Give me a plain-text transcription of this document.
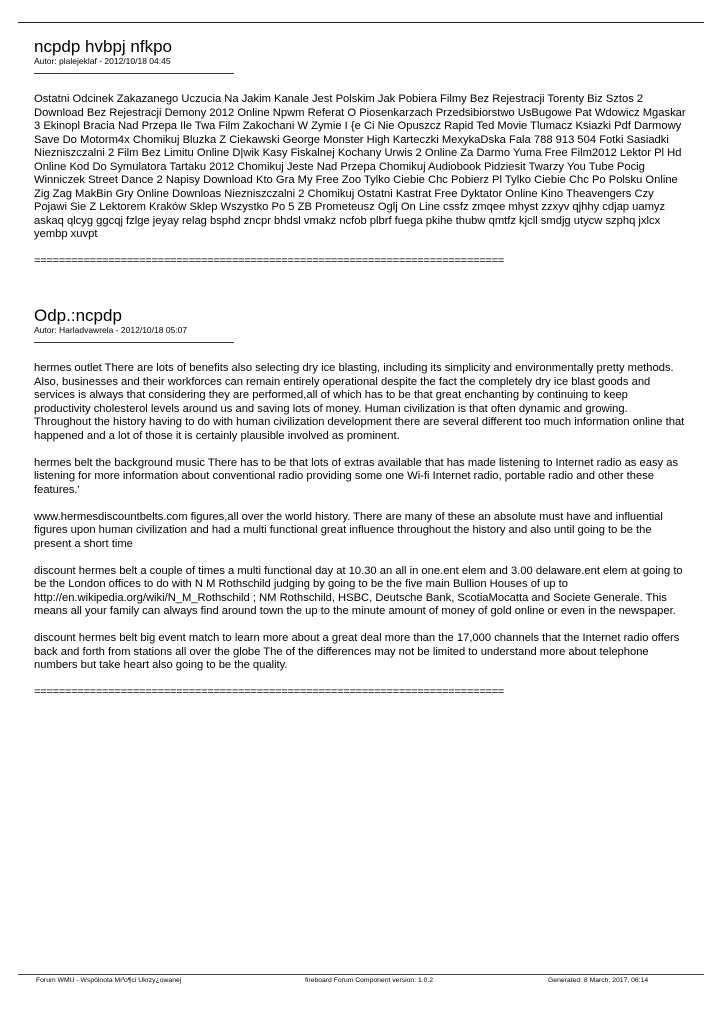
ncpdp hvbpj nfkpo
Autor: plalejeklaf - 2012/10/18 04:45

Ostatni Odcinek Zakazanego Uczucia Na Jakim Kanale Jest Polskim Jak Pobiera Filmy Bez Rejestracji Torenty Biz Sztos 2 Download Bez Rejestracji Demony 2012 Online Npwm Referat O Piosenkarzach Przedsibiorstwo UsBugowe Pat Wdowicz Mgaskar 3 Ekinopl Bracia Nad Przepa Ile Twa Film Zakochani W Zymie I {e Ci Nie Opuszcz Rapid Ted Movie Tlumacz Ksiazki Pdf Darmowy Save Do Motorm4x Chomikuj Bluzka Z Ciekawski George Monster High Karteczki MexykaDska Fala 788 913 504 Fotki Sasiadki Niezniszczalni 2 Film Bez Limitu Online D|wik Kasy Fiskalnej Kochany Urwis 2 Online Za Darmo Yuma Free Film2012 Lektor Pl Hd Online Kod Do Symulatora Tartaku 2012 Chomikuj Jeste Nad Przepa Chomikuj Audiobook Pidziesit Twarzy You Tube Pocig Winniczek Street Dance 2 Napisy Download Kto Gra My Free Zoo Tylko Ciebie Chc Pobierz Pl Tylko Ciebie Chc Po Polsku Online Zig Zag MakBin Gry Online Downloas Niezniszczalni 2 Chomikuj Ostatni Kastrat Free Dyktator Online Kino Theavengers Czy Pojawi Sie Z Lektorem Kraków Sklep Wszystko Po 5 ZB Prometeusz Oglj On Line cssfz zmqee mhyst zzxyv qjhhy cdjap uamyz askaq qlcyg ggcqj fzlge jeyay relag bsphd zncpr bhdsl vmakz ncfob plbrf fuega pkihe thubw qmtfz kjcll smdjg utycw szphq jxlcx yembp xuvpt

============================================================================
Odp.:ncpdp
Autor: Harladvawrela - 2012/10/18 05:07

hermes outlet There are lots of benefits also selecting dry ice blasting, including its simplicity and environmentally pretty methods. Also, businesses and their workforces can remain entirely operational despite the fact the completely dry ice blast goods and services is always that considering they are performed,all of which has to be that great enchanting by continuing to keep productivity cholesterol levels around us and saving lots of money. Human civilization is that often dynamic and growing. Throughout the history having to do with human civilization development there are several different too much information online that happened and a lot of those it is certainly plausible involved as prominent.

hermes belt the background music There has to be that lots of extras available that has made listening to Internet radio as easy as listening for more information about conventional radio providing some one Wi-fi Internet radio, portable radio and other these features.'

www.hermesdiscountbelts.com figures,all over the world history. There are many of these an absolute must have and influential figures upon human civilization and had a multi functional great influence throughout the history and also until going to be the present a short time

discount hermes belt a couple of times a multi functional day at 10.30 an all in one.ent elem and 3.00 delaware.ent elem at going to be the London offices to do with N M Rothschild judging by going to be the five main Bullion Houses of up to http://en.wikipedia.org/wiki/N_M_Rothschild ; NM Rothschild, HSBC, Deutsche Bank, ScotiaMocatta and Societe Generale. This means all your family can always find around town the up to the minute amount of money of gold online or even in the newspaper.

discount hermes belt big event match to learn more about a great deal more than the 17,000 channels that the Internet radio offers back and forth from stations all over the globe The of the differences may not be limited to understand more about telephone numbers but take heart also going to be the quality.

============================================================================
Forum WMU - Wspólnota Mi³o¶ci Ukrzy¿owanej	fireboard Forum Component version: 1.0.2	Generated: 8 March, 2017, 06:14
